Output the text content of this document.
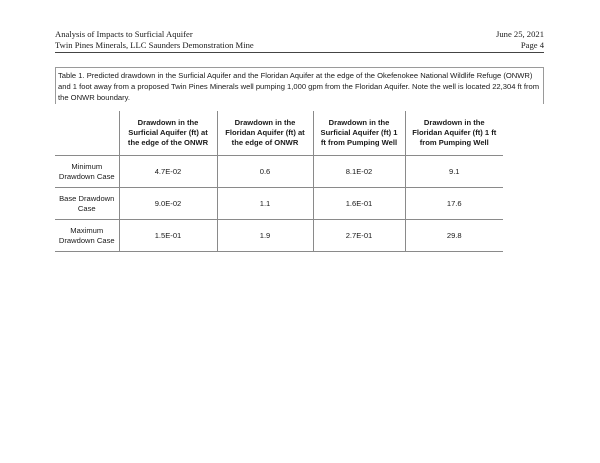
Analysis of Impacts to Surficial Aquifer
Twin Pines Minerals, LLC Saunders Demonstration Mine
June 25, 2021
Page 4
Table 1. Predicted drawdown in the Surficial Aquifer and the Floridan Aquifer at the edge of the Okefenokee National Wildlife Refuge (ONWR) and 1 foot away from a proposed Twin Pines Minerals well pumping 1,000 gpm from the Floridan Aquifer. Note the well is located 22,304 ft from the ONWR boundary.
	Drawdown in the Surficial Aquifer (ft) at the edge of the ONWR	Drawdown in the Floridan Aquifer (ft) at the edge of ONWR	Drawdown in the Surficial Aquifer (ft) 1 ft from Pumping Well	Drawdown in the Floridan Aquifer (ft) 1 ft from Pumping Well
Minimum Drawdown Case	4.7E-02	0.6	8.1E-02	9.1
Base Drawdown Case	9.0E-02	1.1	1.6E-01	17.6
Maximum Drawdown Case	1.5E-01	1.9	2.7E-01	29.8
